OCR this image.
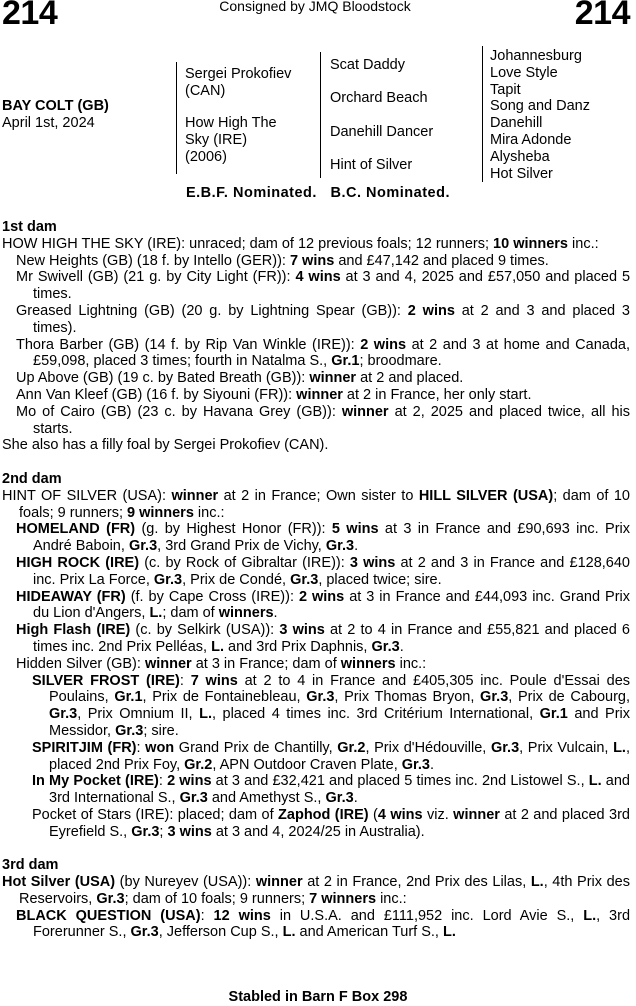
214	Consigned by JMQ Bloodstock	214
BAY COLT (GB)
April 1st, 2024
Sergei Prokofiev
(CAN)
How High The
Sky (IRE)
(2006)
Scat Daddy
Orchard Beach
Danehill Dancer
Hint of Silver
Johannesburg
Love Style
Tapit
Song and Danz
Danehill
Mira Adonde
Alysheba
Hot Silver
E.B.F. Nominated.   B.C. Nominated.
1st dam

HOW HIGH THE SKY (IRE): unraced; dam of 12 previous foals; 12 runners; 10 winners inc.:

New Heights (GB) (18 f. by Intello (GER)): 7 wins and £47,142 and placed 9 times.

Mr Swivell (GB) (21 g. by City Light (FR)): 4 wins at 3 and 4, 2025 and £57,050 and placed 5 times.

Greased Lightning (GB) (20 g. by Lightning Spear (GB)): 2 wins at 2 and 3 and placed 3 times).

Thora Barber (GB) (14 f. by Rip Van Winkle (IRE)): 2 wins at 2 and 3 at home and Canada, £59,098, placed 3 times; fourth in Natalma S., Gr.1; broodmare.

Up Above (GB) (19 c. by Bated Breath (GB)): winner at 2 and placed.

Ann Van Kleef (GB) (16 f. by Siyouni (FR)): winner at 2 in France, her only start.

Mo of Cairo (GB) (23 c. by Havana Grey (GB)): winner at 2, 2025 and placed twice, all his starts.

She also has a filly foal by Sergei Prokofiev (CAN).

2nd dam

HINT OF SILVER (USA): winner at 2 in France; Own sister to HILL SILVER (USA); dam of 10 foals; 9 runners; 9 winners inc.:

HOMELAND (FR) (g. by Highest Honor (FR)): 5 wins at 3 in France and £90,693 inc. Prix André Baboin, Gr.3, 3rd Grand Prix de Vichy, Gr.3.

HIGH ROCK (IRE) (c. by Rock of Gibraltar (IRE)): 3 wins at 2 and 3 in France and £128,640 inc. Prix La Force, Gr.3, Prix de Condé, Gr.3, placed twice; sire.

HIDEAWAY (FR) (f. by Cape Cross (IRE)): 2 wins at 3 in France and £44,093 inc. Grand Prix du Lion d'Angers, L.; dam of winners.

High Flash (IRE) (c. by Selkirk (USA)): 3 wins at 2 to 4 in France and £55,821 and placed 6 times inc. 2nd Prix Pelléas, L. and 3rd Prix Daphnis, Gr.3.

Hidden Silver (GB): winner at 3 in France; dam of winners inc.:

SILVER FROST (IRE): 7 wins at 2 to 4 in France and £405,305 inc. Poule d'Essai des Poulains, Gr.1, Prix de Fontainebleau, Gr.3, Prix Thomas Bryon, Gr.3, Prix de Cabourg, Gr.3, Prix Omnium II, L., placed 4 times inc. 3rd Critérium International, Gr.1 and Prix Messidor, Gr.3; sire.

SPIRITJIM (FR): won Grand Prix de Chantilly, Gr.2, Prix d'Hédouville, Gr.3, Prix Vulcain, L., placed 2nd Prix Foy, Gr.2, APN Outdoor Craven Plate, Gr.3.

In My Pocket (IRE): 2 wins at 3 and £32,421 and placed 5 times inc. 2nd Listowel S., L. and 3rd International S., Gr.3 and Amethyst S., Gr.3.

Pocket of Stars (IRE): placed; dam of Zaphod (IRE) (4 wins viz. winner at 2 and placed 3rd Eyrefield S., Gr.3; 3 wins at 3 and 4, 2024/25 in Australia).

3rd dam

Hot Silver (USA) (by Nureyev (USA)): winner at 2 in France, 2nd Prix des Lilas, L., 4th Prix des Reservoirs, Gr.3; dam of 10 foals; 9 runners; 7 winners inc.:

BLACK QUESTION (USA): 12 wins in U.S.A. and £111,952 inc. Lord Avie S., L., 3rd Forerunner S., Gr.3, Jefferson Cup S., L. and American Turf S., L.

Stabled in Barn F Box 298
